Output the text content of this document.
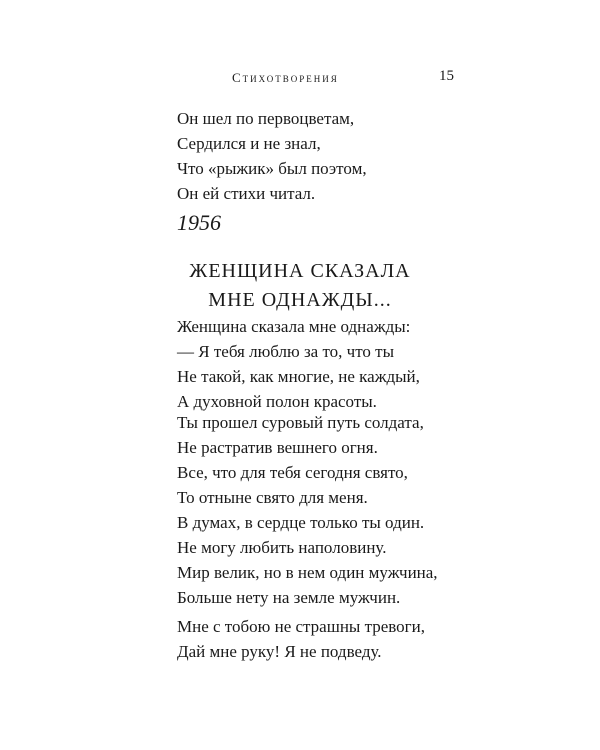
Стихотворения	15
Он шел по первоцветам,
Сердился и не знал,
Что «рыжик» был поэтом,
Он ей стихи читал.
1956
ЖЕНЩИНА СКАЗАЛА
МНЕ ОДНАЖДЫ...
Женщина сказала мне однажды:
— Я тебя люблю за то, что ты
Не такой, как многие, не каждый,
А духовной полон красоты.
Ты прошел суровый путь солдата,
Не растратив вешнего огня.
Все, что для тебя сегодня свято,
То отныне свято для меня.
В думах, в сердце только ты один.
Не могу любить наполовину.
Мир велик, но в нем один мужчина,
Больше нету на земле мужчин.
Мне с тобою не страшны тревоги,
Дай мне руку! Я не подведу.
